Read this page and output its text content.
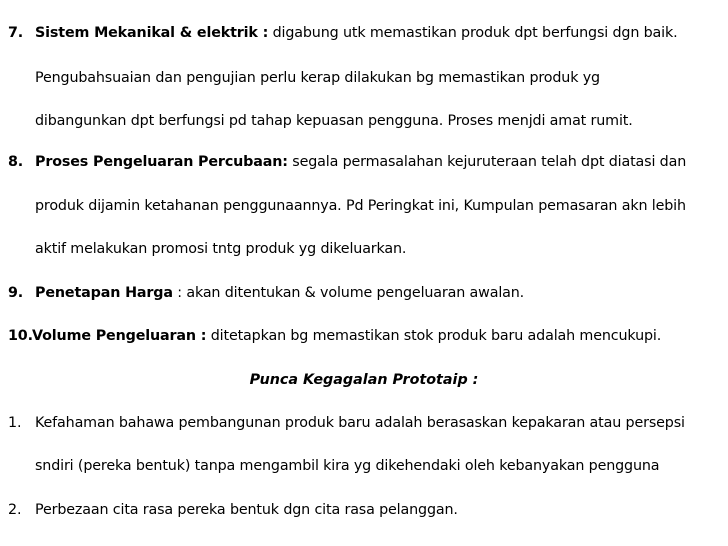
7. Sistem Mekanikal & elektrik : digabung utk memastikan produk dpt berfungsi dgn baik.
Pengubahsuaian dan pengujian perlu kerap dilakukan bg memastikan produk yg
dibangunkan dpt berfungsi pd tahap kepuasan pengguna. Proses menjdi amat rumit.
8. Proses Pengeluaran Percubaan: segala permasalahan kejuruteraan telah dpt diatasi dan
produk dijamin ketahanan penggunaannya. Pd Peringkat ini, Kumpulan pemasaran akn lebih
aktif melakukan promosi tntg produk yg dikeluarkan.
9. Penetapan Harga : akan ditentukan & volume pengeluaran awalan.
10. Volume Pengeluaran : ditetapkan bg memastikan stok produk baru adalah mencukupi.
Punca Kegagalan Prototaip :
1. Kefahaman bahawa pembangunan produk baru adalah berasaskan kepakaran atau persepsi
sndiri (pereka bentuk) tanpa mengambil kira yg dikehendaki oleh kebanyakan pengguna
2. Perbezaan cita rasa pereka bentuk dgn cita rasa pelanggan.
